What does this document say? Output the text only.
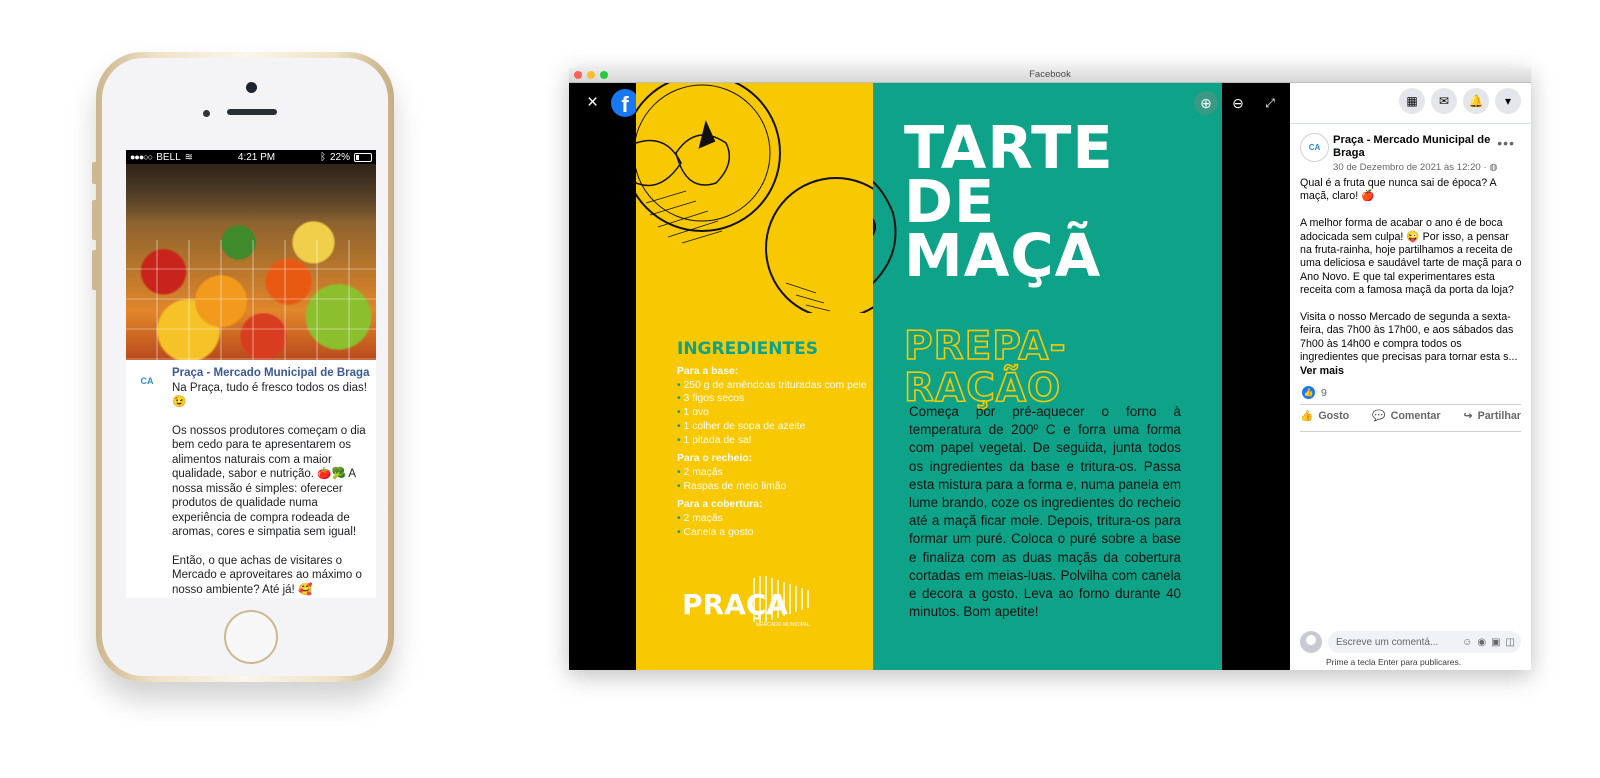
●●●○○ BELL ≋	4:21 PM	ᛒ 22%
CA
Praça - Mercado Municipal de Braga

Na Praça, tudo é fresco todos os dias! 😉

Os nossos produtores começam o dia bem cedo para te apresentarem os alimentos naturais com a maior qualidade, sabor e nutrição. 🍅🥦 A nossa missão é simples: oferecer produtos de qualidade numa experiência de compra rodeada de aromas, cores e simpatia sem igual!

Então, o que achas de visitares o Mercado e aproveitares ao máximo o nosso ambiente? Até já! 🥰

Facebook
×	f
INGREDIENTES
Para a base:
• 250 g de amêndoas trituradas com pele
• 3 figos secos
• 1 ovo
• 1 colher de sopa de azeite
• 1 pitada de sal
Para o recheio:
• 2 maçãs
• Raspas de meio limão
Para a cobertura:
• 2 maçãs
• Canela a gosto
PRAÇA
MERCADO MUNICIPAL
TARTE
DE
MAÇÃ
PREPA-
RAÇÃO
Começa por pré-aquecer o forno à temperatura de 200º C e forra uma forma com papel vegetal. De seguida, junta todos os ingredientes da base e tritura-os. Passa esta mistura para a forma e, numa panela em lume brando, coze os ingredientes do recheio até a maçã ficar mole. Depois, tritura-os para formar um puré. Coloca o puré sobre a base e finaliza com as duas maçãs da cobertura cortadas em meias-luas. Polvilha com canela e decora a gosto. Leva ao forno durante 40 minutos. Bom apetite!
⊕	⊖	⤢	▦	✉	🔔	▾
CA
Praça - Mercado Municipal de Braga
30 de Dezembro de 2021 às 12:20 · ◍
•••

Qual é a fruta que nunca sai de época? A maçã, claro! 🍎

A melhor forma de acabar o ano é de boca adocicada sem culpa! 😜 Por isso, a pensar na fruta-rainha, hoje partilhamos a receita de uma deliciosa e saudável tarte de maçã para o Ano Novo. E que tal experimentares esta receita com a famosa maçã da porta da loja?

Visita o nosso Mercado de segunda a sexta-feira, das 7h00 às 17h00, e aos sábados das 7h00 às 14h00 e compra todos os ingredientes que precisas para tornar esta s... Ver mais

👍 9
👍 Gosto 💬 Comentar ↪ Partilhar
Escreve um comentá... ☺ ◉ ▣ ◫
Prime a tecla Enter para publicares.
